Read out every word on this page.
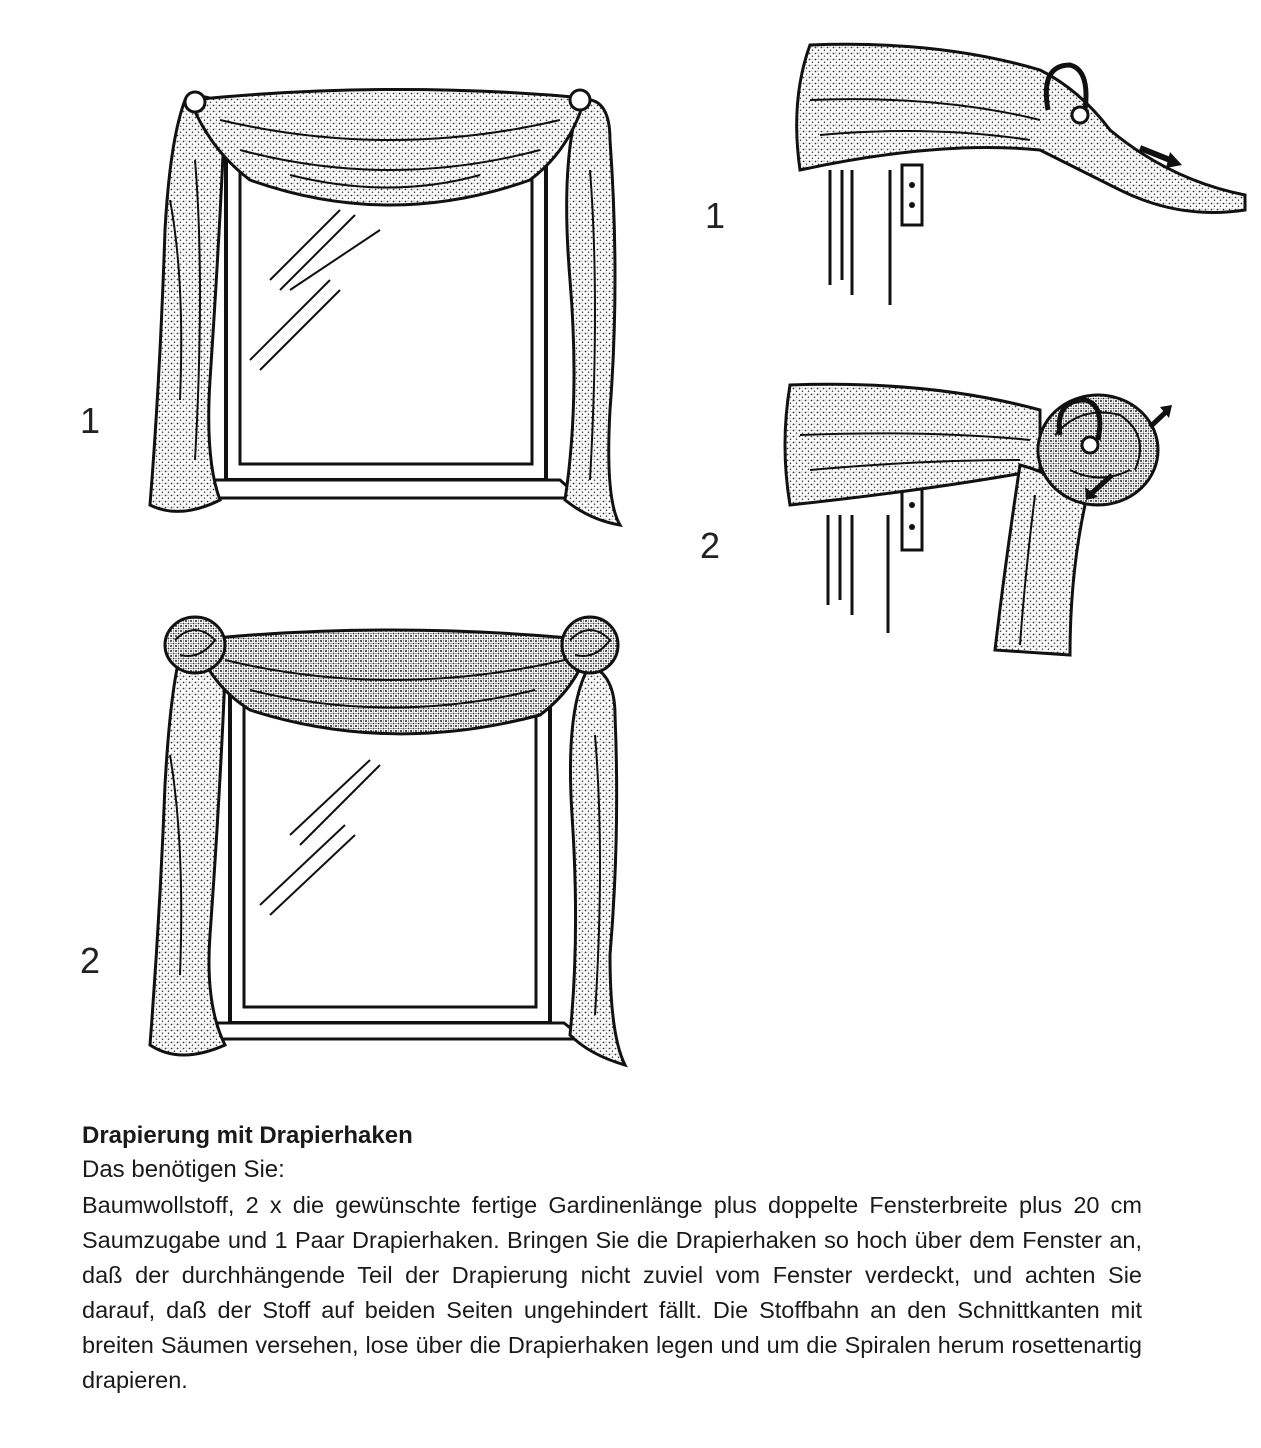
1
2
1
2
Drapierung mit Drapierhaken
Das benötigen Sie:

Baumwollstoff, 2 x die gewünschte fertige Gardinenlänge plus doppelte Fensterbreite plus 20 cm Saumzugabe und 1 Paar Drapierhaken. Bringen Sie die Drapierhaken so hoch über dem Fenster an, daß der durchhängende Teil der Drapierung nicht zuviel vom Fenster verdeckt, und achten Sie darauf, daß der Stoff auf beiden Seiten ungehindert fällt. Die Stoffbahn an den Schnittkanten mit breiten Säumen versehen, lose über die Drapierhaken legen und um die Spiralen herum rosettenartig drapieren.
